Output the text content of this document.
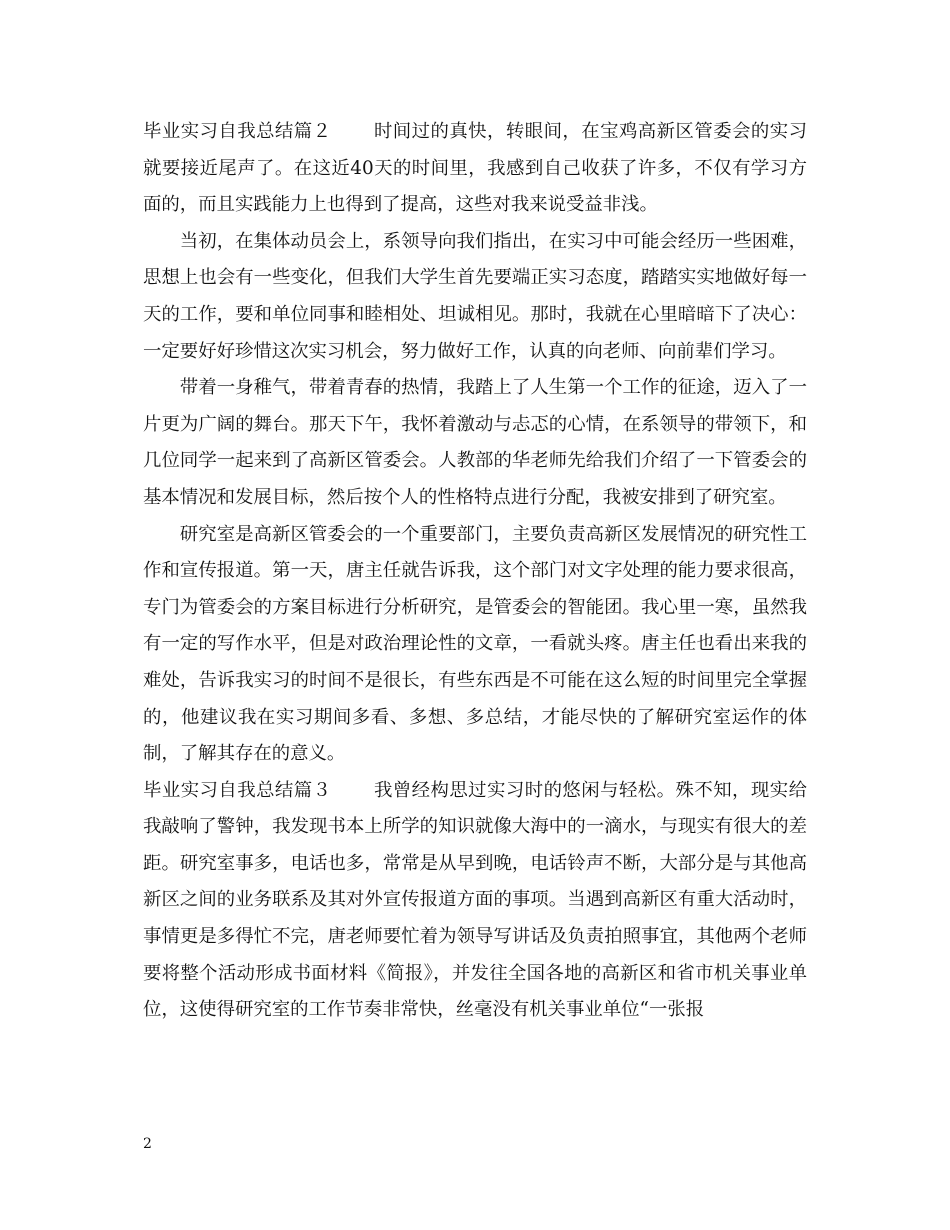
毕业实习自我总结篇２ 时间过的真快，转眼间，在宝鸡高新区管委会的实习就要接近尾声了。在这近40天的时间里，我感到自己收获了许多，不仅有学习方面的，而且实践能力上也得到了提高，这些对我来说受益非浅。

当初，在集体动员会上，系领导向我们指出，在实习中可能会经历一些困难，思想上也会有一些变化，但我们大学生首先要端正实习态度，踏踏实实地做好每一天的工作，要和单位同事和睦相处、坦诚相见。那时，我就在心里暗暗下了决心：一定要好好珍惜这次实习机会，努力做好工作，认真的向老师、向前辈们学习。

带着一身稚气，带着青春的热情，我踏上了人生第一个工作的征途，迈入了一片更为广阔的舞台。那天下午，我怀着激动与忐忑的心情，在系领导的带领下，和几位同学一起来到了高新区管委会。人教部的华老师先给我们介绍了一下管委会的基本情况和发展目标，然后按个人的性格特点进行分配，我被安排到了研究室。

研究室是高新区管委会的一个重要部门，主要负责高新区发展情况的研究性工作和宣传报道。第一天，唐主任就告诉我，这个部门对文字处理的能力要求很高，专门为管委会的方案目标进行分析研究，是管委会的智能团。我心里一寒，虽然我有一定的写作水平，但是对政治理论性的文章，一看就头疼。唐主任也看出来我的难处，告诉我实习的时间不是很长，有些东西是不可能在这么短的时间里完全掌握的，他建议我在实习期间多看、多想、多总结，才能尽快的了解研究室运作的体制，了解其存在的意义。

毕业实习自我总结篇３ 我曾经构思过实习时的悠闲与轻松。殊不知，现实给我敲响了警钟，我发现书本上所学的知识就像大海中的一滴水，与现实有很大的差距。研究室事多，电话也多，常常是从早到晚，电话铃声不断，大部分是与其他高新区之间的业务联系及其对外宣传报道方面的事项。当遇到高新区有重大活动时，事情更是多得忙不完，唐老师要忙着为领导写讲话及负责拍照事宜，其他两个老师要将整个活动形成书面材料《简报》，并发往全国各地的高新区和省市机关事业单位，这使得研究室的工作节奏非常快，丝毫没有机关事业单位“一张报

2
